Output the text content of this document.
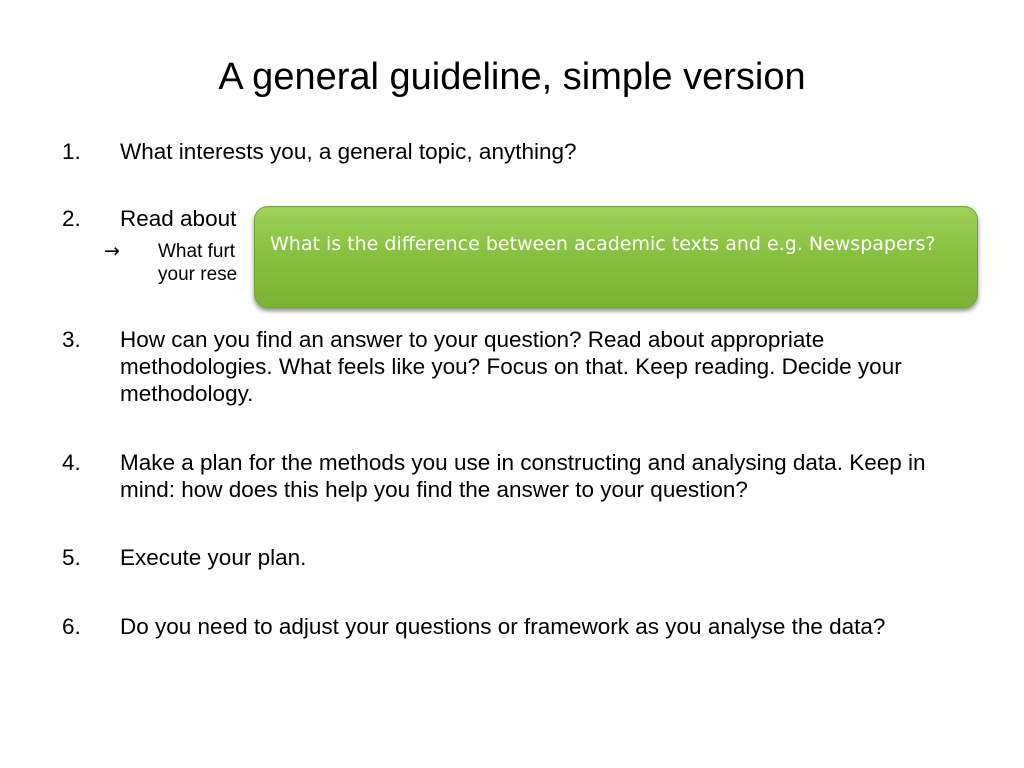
A general guideline, simple version
1.	What interests you, a general topic, anything?
2.	Read about
→	What furt
your rese
3.	How can you find an answer to your question? Read about appropriate methodologies. What feels like you? Focus on that. Keep reading. Decide your methodology.
4.	Make a plan for the methods you use in constructing and analysing data. Keep in mind: how does this help you find the answer to your question?
5.	Execute your plan.
6.	Do you need to adjust your questions or framework as you analyse the data?
What is the difference between academic texts and e.g. Newspapers?
